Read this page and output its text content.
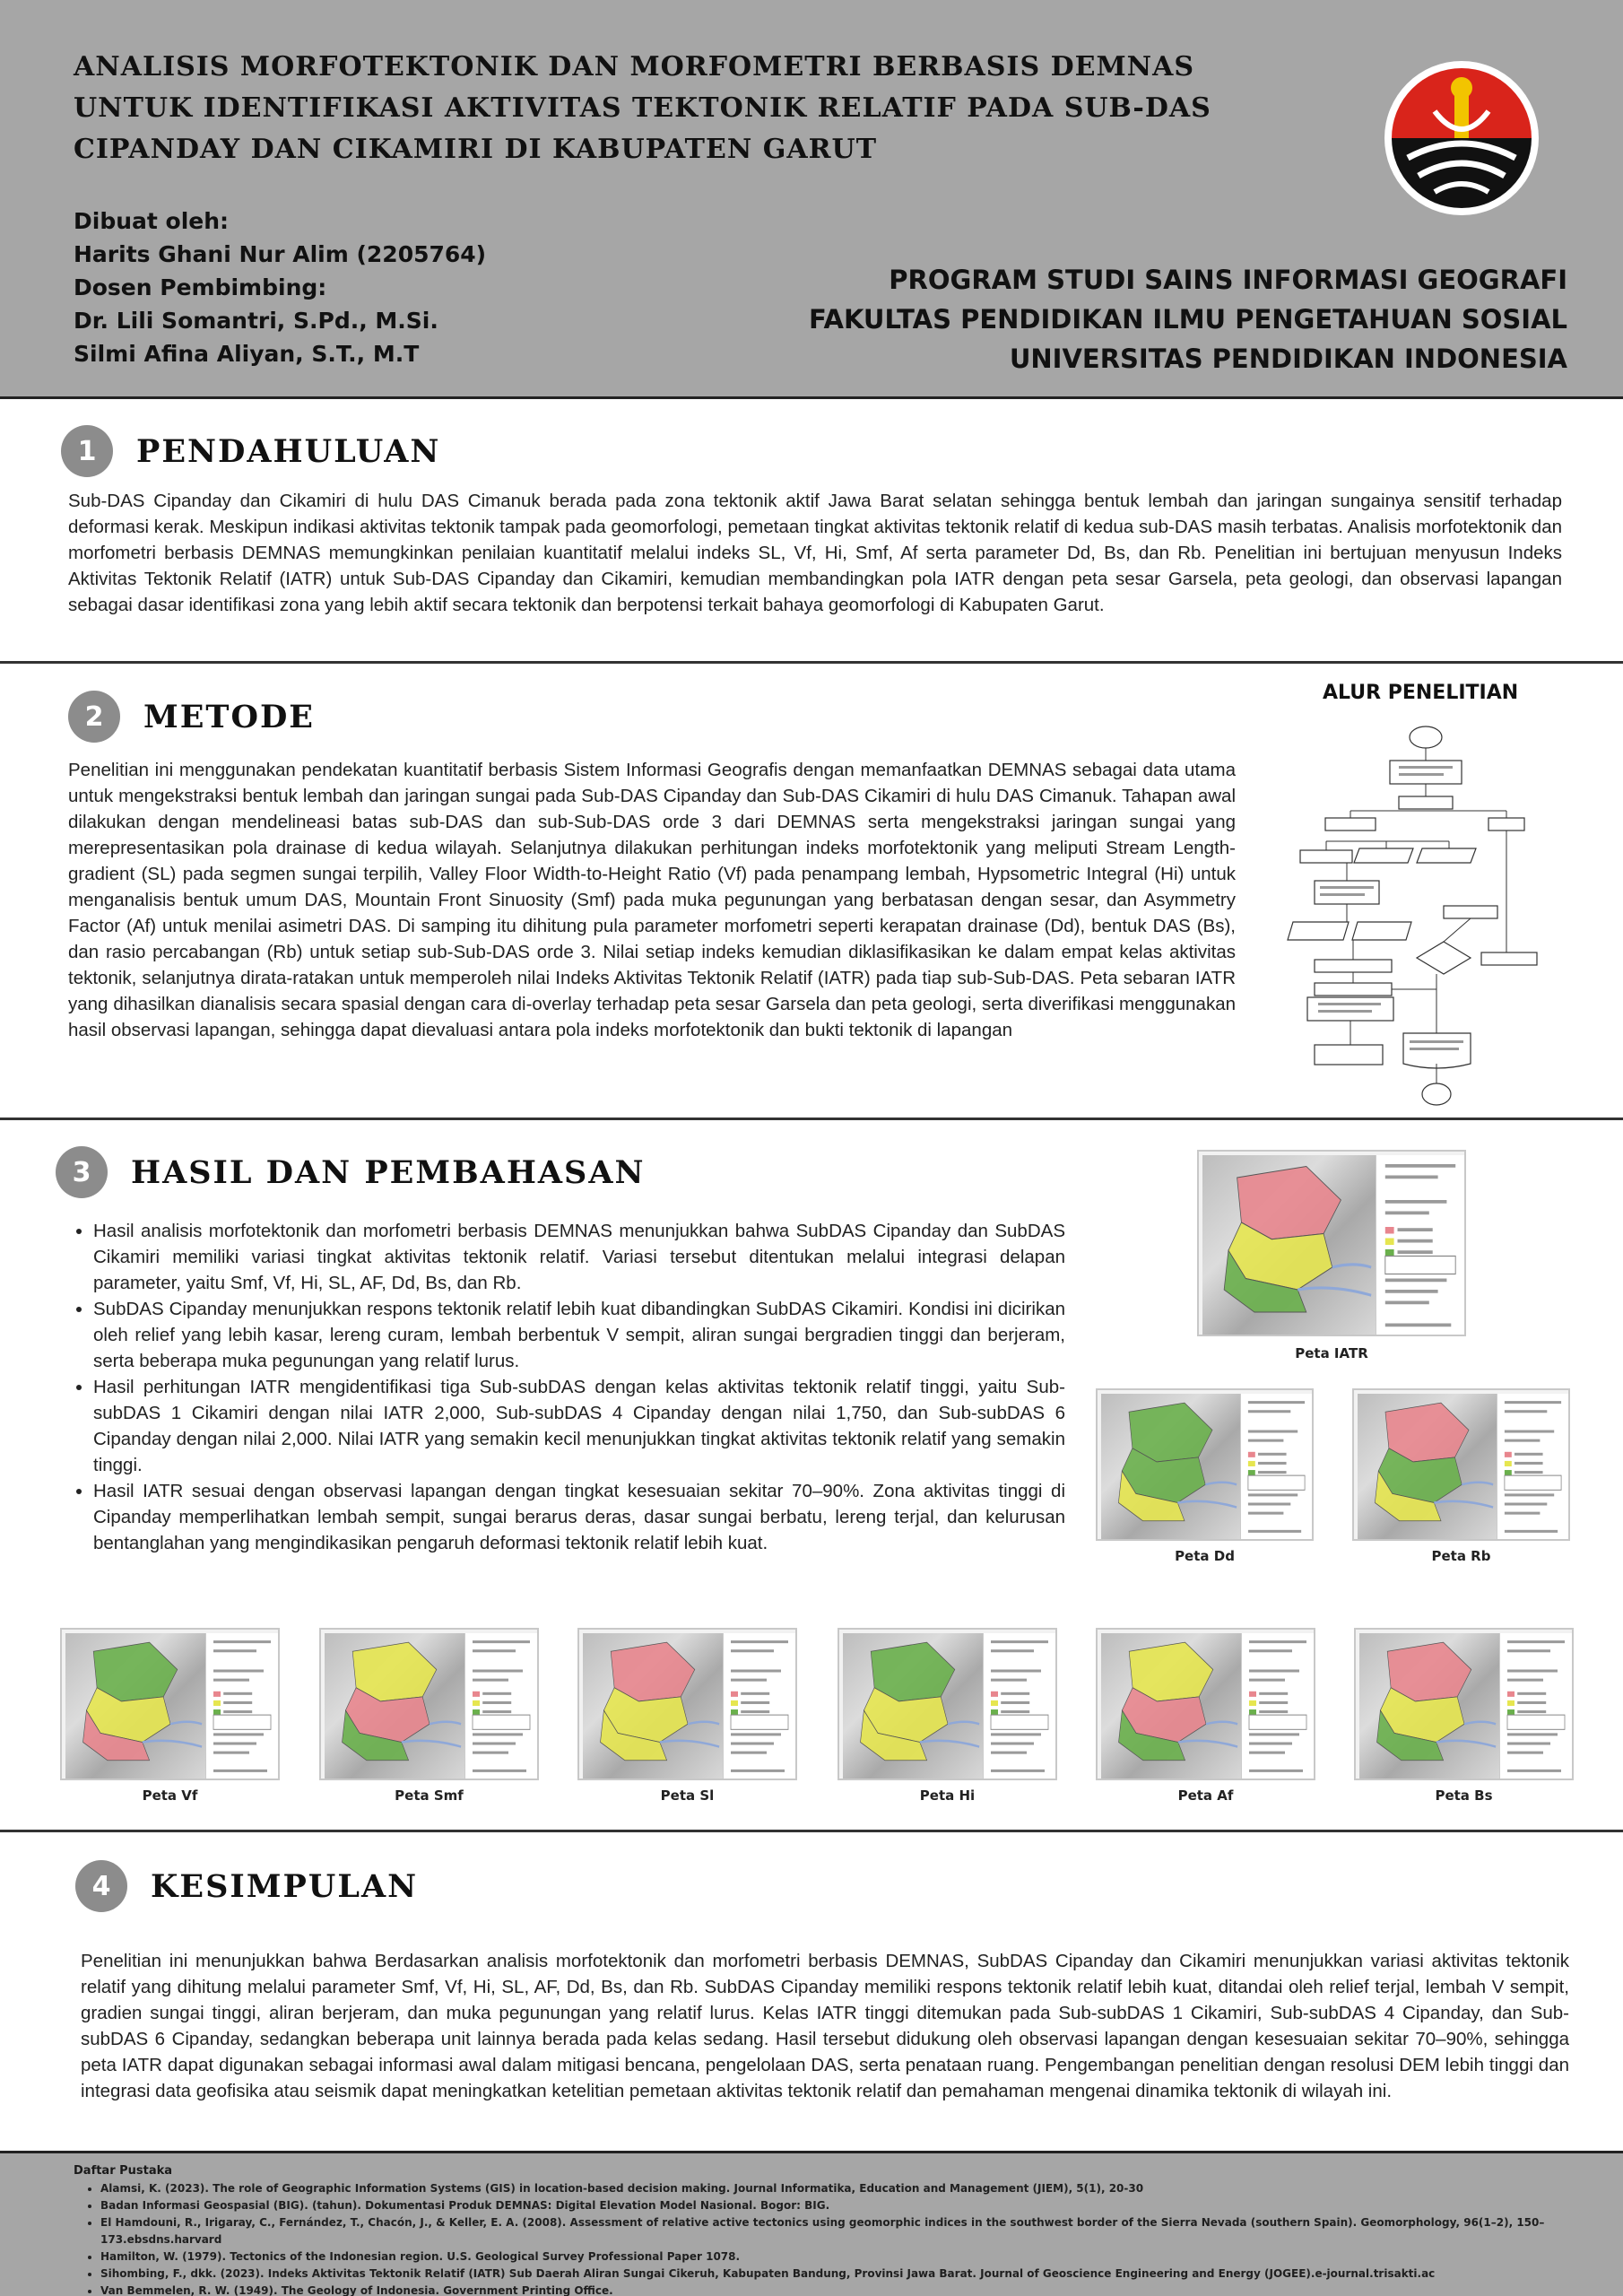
ANALISIS MORFOTEKTONIK DAN MORFOMETRI BERBASIS DEMNAS
UNTUK IDENTIFIKASI AKTIVITAS TEKTONIK RELATIF PADA SUB-DAS
CIPANDAY DAN CIKAMIRI DI KABUPATEN GARUT
Dibuat oleh:
Harits Ghani Nur Alim (2205764)
Dosen Pembimbing:
Dr. Lili Somantri, S.Pd., M.Si.
Silmi Afina Aliyan, S.T., M.T
PROGRAM STUDI SAINS INFORMASI GEOGRAFI
FAKULTAS PENDIDIKAN ILMU PENGETAHUAN SOSIAL
UNIVERSITAS PENDIDIKAN INDONESIA
1	PENDAHULUAN
Sub-DAS Cipanday dan Cikamiri di hulu DAS Cimanuk berada pada zona tektonik aktif Jawa Barat selatan sehingga bentuk lembah dan jaringan sungainya sensitif terhadap deformasi kerak. Meskipun indikasi aktivitas tektonik tampak pada geomorfologi, pemetaan tingkat aktivitas tektonik relatif di kedua sub-DAS masih terbatas. Analisis morfotektonik dan morfometri berbasis DEMNAS memungkinkan penilaian kuantitatif melalui indeks SL, Vf, Hi, Smf, Af serta parameter Dd, Bs, dan Rb. Penelitian ini bertujuan menyusun Indeks Aktivitas Tektonik Relatif (IATR) untuk Sub-DAS Cipanday dan Cikamiri, kemudian membandingkan pola IATR dengan peta sesar Garsela, peta geologi, dan observasi lapangan sebagai dasar identifikasi zona yang lebih aktif secara tektonik dan berpotensi terkait bahaya geomorfologi di Kabupaten Garut.
2	METODE
Penelitian ini menggunakan pendekatan kuantitatif berbasis Sistem Informasi Geografis dengan memanfaatkan DEMNAS sebagai data utama untuk mengekstraksi bentuk lembah dan jaringan sungai pada Sub-DAS Cipanday dan Sub-DAS Cikamiri di hulu DAS Cimanuk. Tahapan awal dilakukan dengan mendelineasi batas sub-DAS dan sub-Sub-DAS orde 3 dari DEMNAS serta mengekstraksi jaringan sungai yang merepresentasikan pola drainase di kedua wilayah. Selanjutnya dilakukan perhitungan indeks morfotektonik yang meliputi Stream Length-gradient (SL) pada segmen sungai terpilih, Valley Floor Width-to-Height Ratio (Vf) pada penampang lembah, Hypsometric Integral (Hi) untuk menganalisis bentuk umum DAS, Mountain Front Sinuosity (Smf) pada muka pegunungan yang berbatasan dengan sesar, dan Asymmetry Factor (Af) untuk menilai asimetri DAS. Di samping itu dihitung pula parameter morfometri seperti kerapatan drainase (Dd), bentuk DAS (Bs), dan rasio percabangan (Rb) untuk setiap sub-Sub-DAS orde 3. Nilai setiap indeks kemudian diklasifikasikan ke dalam empat kelas aktivitas tektonik, selanjutnya dirata-ratakan untuk memperoleh nilai Indeks Aktivitas Tektonik Relatif (IATR) pada tiap sub-Sub-DAS. Peta sebaran IATR yang dihasilkan dianalisis secara spasial dengan cara di-overlay terhadap peta sesar Garsela dan peta geologi, serta diverifikasi menggunakan hasil observasi lapangan, sehingga dapat dievaluasi antara pola indeks morfotektonik dan bukti tektonik di lapangan
ALUR PENELITIAN
3	HASIL DAN PEMBAHASAN
• Hasil analisis morfotektonik dan morfometri berbasis DEMNAS menunjukkan bahwa SubDAS Cipanday dan SubDAS Cikamiri memiliki variasi tingkat aktivitas tektonik relatif. Variasi tersebut ditentukan melalui integrasi delapan parameter, yaitu Smf, Vf, Hi, SL, AF, Dd, Bs, dan Rb.
• SubDAS Cipanday menunjukkan respons tektonik relatif lebih kuat dibandingkan SubDAS Cikamiri. Kondisi ini dicirikan oleh relief yang lebih kasar, lereng curam, lembah berbentuk V sempit, aliran sungai bergradien tinggi dan berjeram, serta beberapa muka pegunungan yang relatif lurus.
• Hasil perhitungan IATR mengidentifikasi tiga Sub-subDAS dengan kelas aktivitas tektonik relatif tinggi, yaitu Sub-subDAS 1 Cikamiri dengan nilai IATR 2,000, Sub-subDAS 4 Cipanday dengan nilai 1,750, dan Sub-subDAS 6 Cipanday dengan nilai 2,000. Nilai IATR yang semakin kecil menunjukkan tingkat aktivitas tektonik relatif yang semakin tinggi.
• Hasil IATR sesuai dengan observasi lapangan dengan tingkat kesesuaian sekitar 70–90%. Zona aktivitas tinggi di Cipanday memperlihatkan lembah sempit, sungai berarus deras, dasar sungai berbatu, lereng terjal, dan kelurusan bentanglahan yang mengindikasikan pengaruh deformasi tektonik relatif lebih kuat.
Peta IATR
Peta Dd	Peta Rb
Peta Vf	Peta Smf	Peta Sl	Peta Hi	Peta Af	Peta Bs
4	KESIMPULAN
Penelitian ini menunjukkan bahwa Berdasarkan analisis morfotektonik dan morfometri berbasis DEMNAS, SubDAS Cipanday dan Cikamiri menunjukkan variasi aktivitas tektonik relatif yang dihitung melalui parameter Smf, Vf, Hi, SL, AF, Dd, Bs, dan Rb. SubDAS Cipanday memiliki respons tektonik relatif lebih kuat, ditandai oleh relief terjal, lembah V sempit, gradien sungai tinggi, aliran berjeram, dan muka pegunungan yang relatif lurus. Kelas IATR tinggi ditemukan pada Sub-subDAS 1 Cikamiri, Sub-subDAS 4 Cipanday, dan Sub-subDAS 6 Cipanday, sedangkan beberapa unit lainnya berada pada kelas sedang. Hasil tersebut didukung oleh observasi lapangan dengan kesesuaian sekitar 70–90%, sehingga peta IATR dapat digunakan sebagai informasi awal dalam mitigasi bencana, pengelolaan DAS, serta penataan ruang. Pengembangan penelitian dengan resolusi DEM lebih tinggi dan integrasi data geofisika atau seismik dapat meningkatkan ketelitian pemetaan aktivitas tektonik relatif dan pemahaman mengenai dinamika tektonik di wilayah ini.
Daftar Pustaka
• Alamsi, K. (2023). The role of Geographic Information Systems (GIS) in location-based decision making. Journal Informatika, Education and Management (JIEM), 5(1), 20-30
• Badan Informasi Geospasial (BIG). (tahun). Dokumentasi Produk DEMNAS: Digital Elevation Model Nasional. Bogor: BIG.
• El Hamdouni, R., Irigaray, C., Fernández, T., Chacón, J., & Keller, E. A. (2008). Assessment of relative active tectonics using geomorphic indices in the southwest border of the Sierra Nevada (southern Spain). Geomorphology, 96(1–2), 150–173.ebsdns.harvard
• Hamilton, W. (1979). Tectonics of the Indonesian region. U.S. Geological Survey Professional Paper 1078.
• Sihombing, F., dkk. (2023). Indeks Aktivitas Tektonik Relatif (IATR) Sub Daerah Aliran Sungai Cikeruh, Kabupaten Bandung, Provinsi Jawa Barat. Journal of Geoscience Engineering and Energy (JOGEE).e-journal.trisakti.ac
• Van Bemmelen, R. W. (1949). The Geology of Indonesia. Government Printing Office.
